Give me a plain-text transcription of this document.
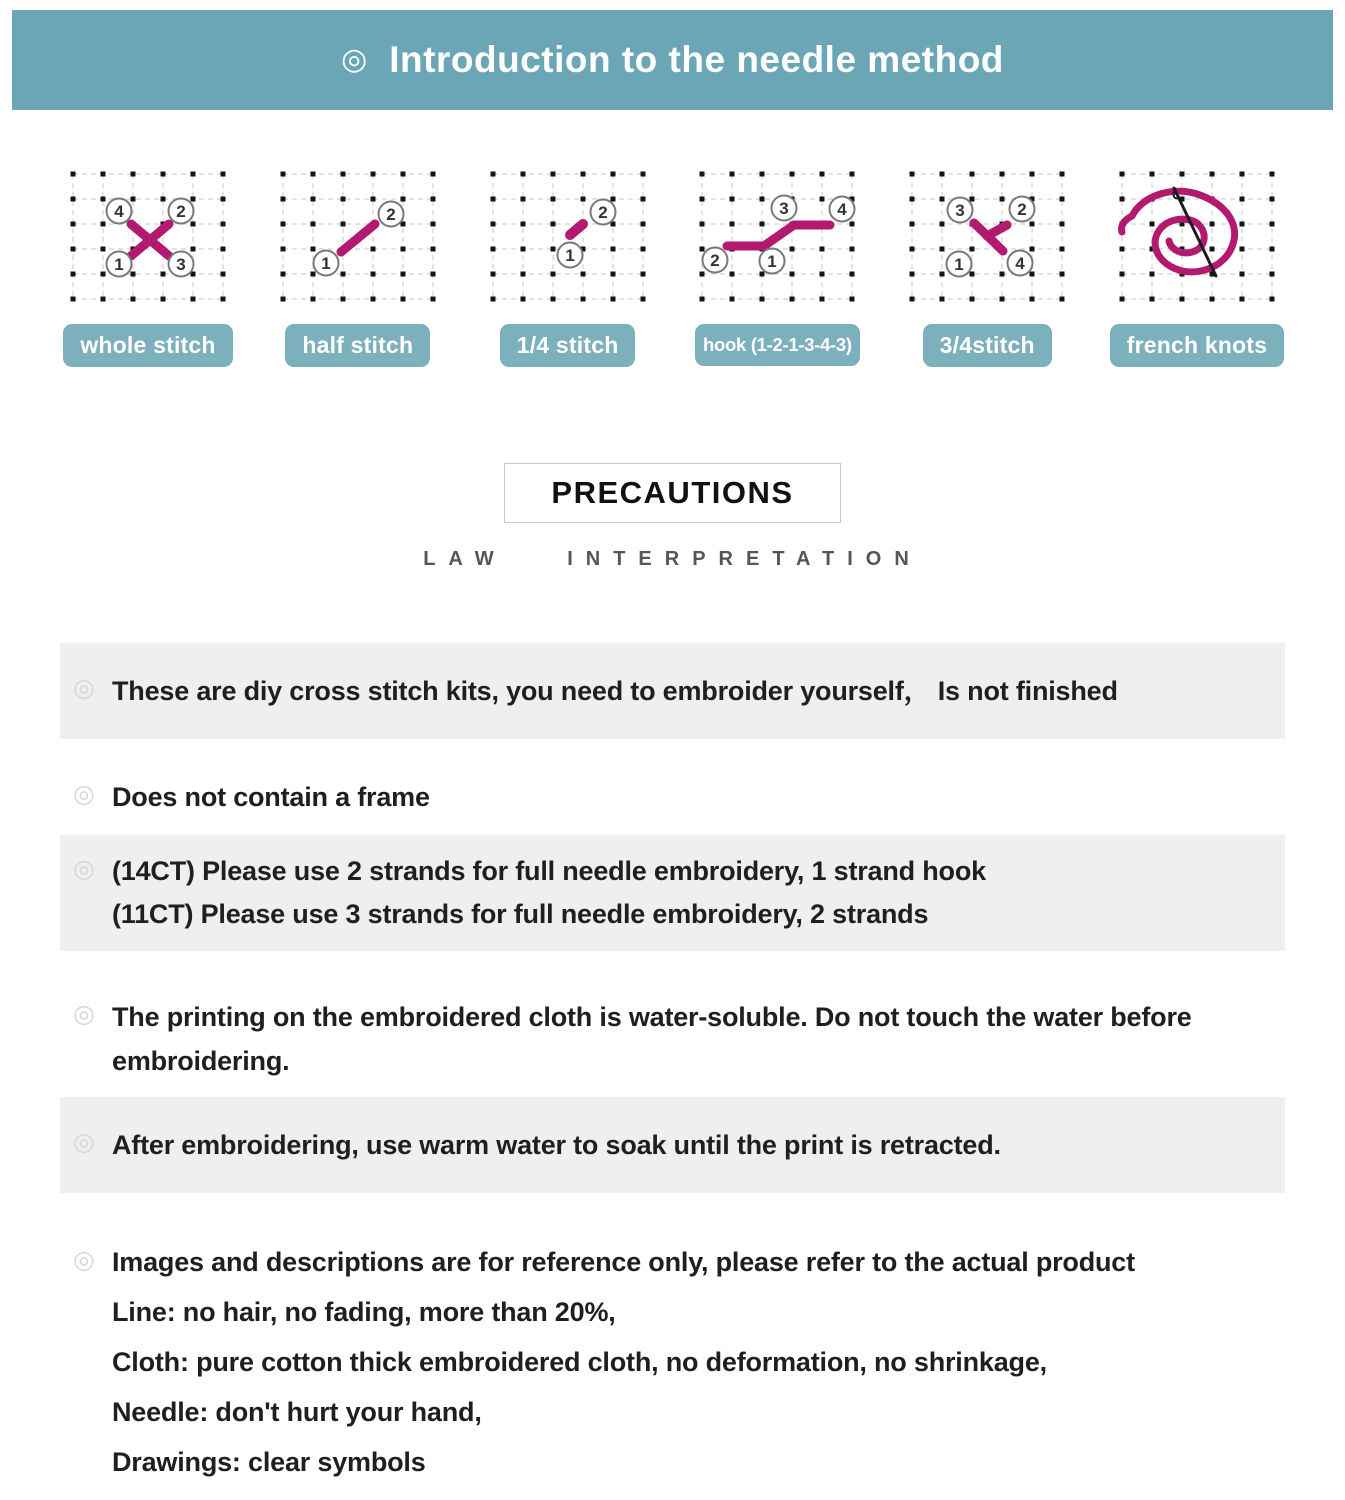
◎ Introduction to the needle method
4	2
1	3
whole stitch
1
2
half stitch
1
2
1/4 stitch
2	1
3	4
hook (1-2-1-3-4-3)
3	2
1	4
3/4stitch	french knots
PRECAUTIONS
LAW INTERPRETATION
◎ These are diy cross stitch kits, you need to embroider yourself， Is not finished
◎ Does not contain a frame
◎ (14CT) Please use 2 strands for full needle embroidery, 1 strand hook
(11CT) Please use 3 strands for full needle embroidery, 2 strands
◎ The printing on the embroidered cloth is water-soluble. Do not touch the water before embroidering.
◎ After embroidering, use warm water to soak until the print is retracted.
◎ Images and descriptions are for reference only, please refer to the actual product
Line: no hair, no fading, more than 20%,
Cloth: pure cotton thick embroidered cloth, no deformation, no shrinkage,
Needle: don't hurt your hand,
Drawings: clear symbols
